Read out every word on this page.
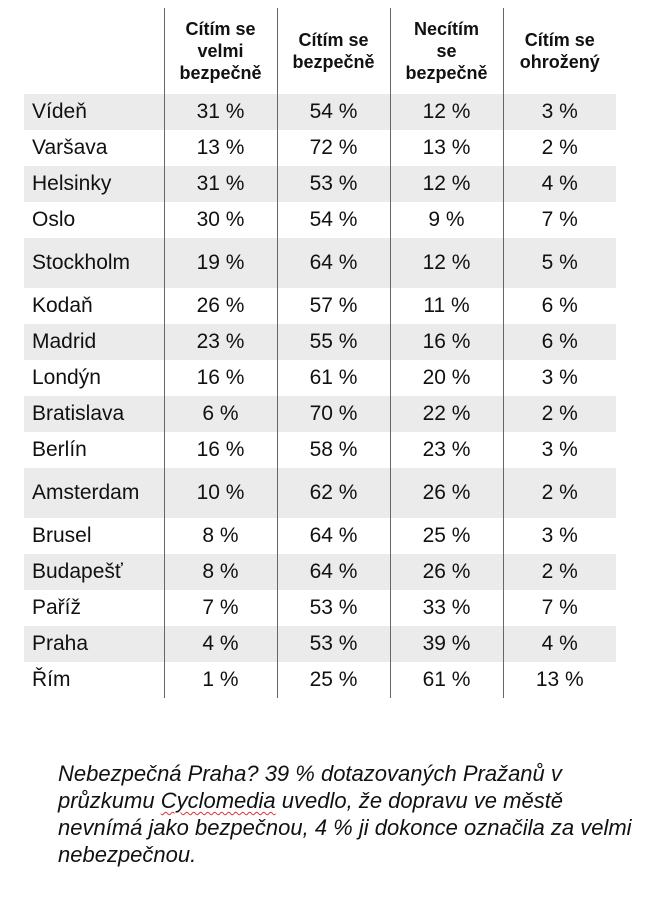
	Cítím se
velmi
bezpečně	Cítím se
bezpečně	Necítím
se
bezpečně	Cítím se
ohrožený
Vídeň	31 %	54 %	12 %	3 %
Varšava	13 %	72 %	13 %	2 %
Helsinky	31 %	53 %	12 %	4 %
Oslo	30 %	54 %	9 %	7 %
Stockholm	19 %	64 %	12 %	5 %
Kodaň	26 %	57 %	11 %	6 %
Madrid	23 %	55 %	16 %	6 %
Londýn	16 %	61 %	20 %	3 %
Bratislava	6 %	70 %	22 %	2 %
Berlín	16 %	58 %	23 %	3 %
Amsterdam	10 %	62 %	26 %	2 %
Brusel	8 %	64 %	25 %	3 %
Budapešť	8 %	64 %	26 %	2 %
Paříž	7 %	53 %	33 %	7 %
Praha	4 %	53 %	39 %	4 %
Řím	1 %	25 %	61 %	13 %
Nebezpečná Praha? 39 % dotazovaných Pražanů v průzkumu Cyclomedia uvedlo, že dopravu ve městě nevnímá jako bezpečnou, 4 % ji dokonce označila za velmi nebezpečnou.
